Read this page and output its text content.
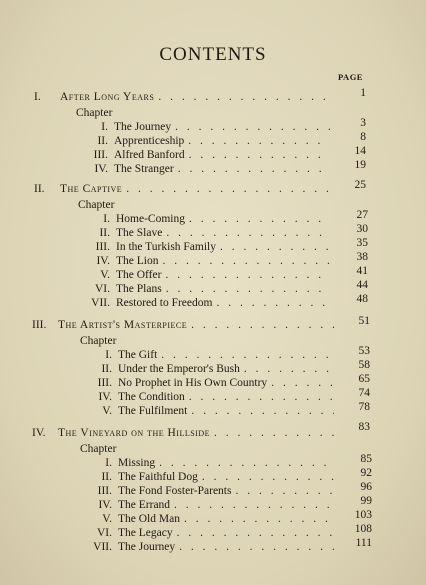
CONTENTS
PAGE
I.	After Long Years . . .	1
Chapter
I. The Journey . . .	3
II. Apprenticeship . . .	8
III. Alfred Banford . . .	14
IV. The Stranger . . .	19
II.	The Captive . . .	25
Chapter
I. Home-Coming . . .	27
II. The Slave . . .	30
III. In the Turkish Family . . .	35
IV. The Lion . . .	38
V. The Offer . . .	41
VI. The Plans . . .	44
VII. Restored to Freedom . . .	48
III.	The Artist's Masterpiece . . .	51
Chapter
I. The Gift . . .	53
II. Under the Emperor's Bush . . .	58
III. No Prophet in His Own Country . . .	65
IV. The Condition . . .	74
V. The Fulfilment . . .	78
IV.	The Vineyard on the Hillside . . .	83
Chapter
I. Missing . . .	85
II. The Faithful Dog . . .	92
III. The Fond Foster-Parents . . .	96
IV. The Errand . . .	99
V. The Old Man . . .	103
VI. The Legacy . . .	108
VII. The Journey . . .	111
